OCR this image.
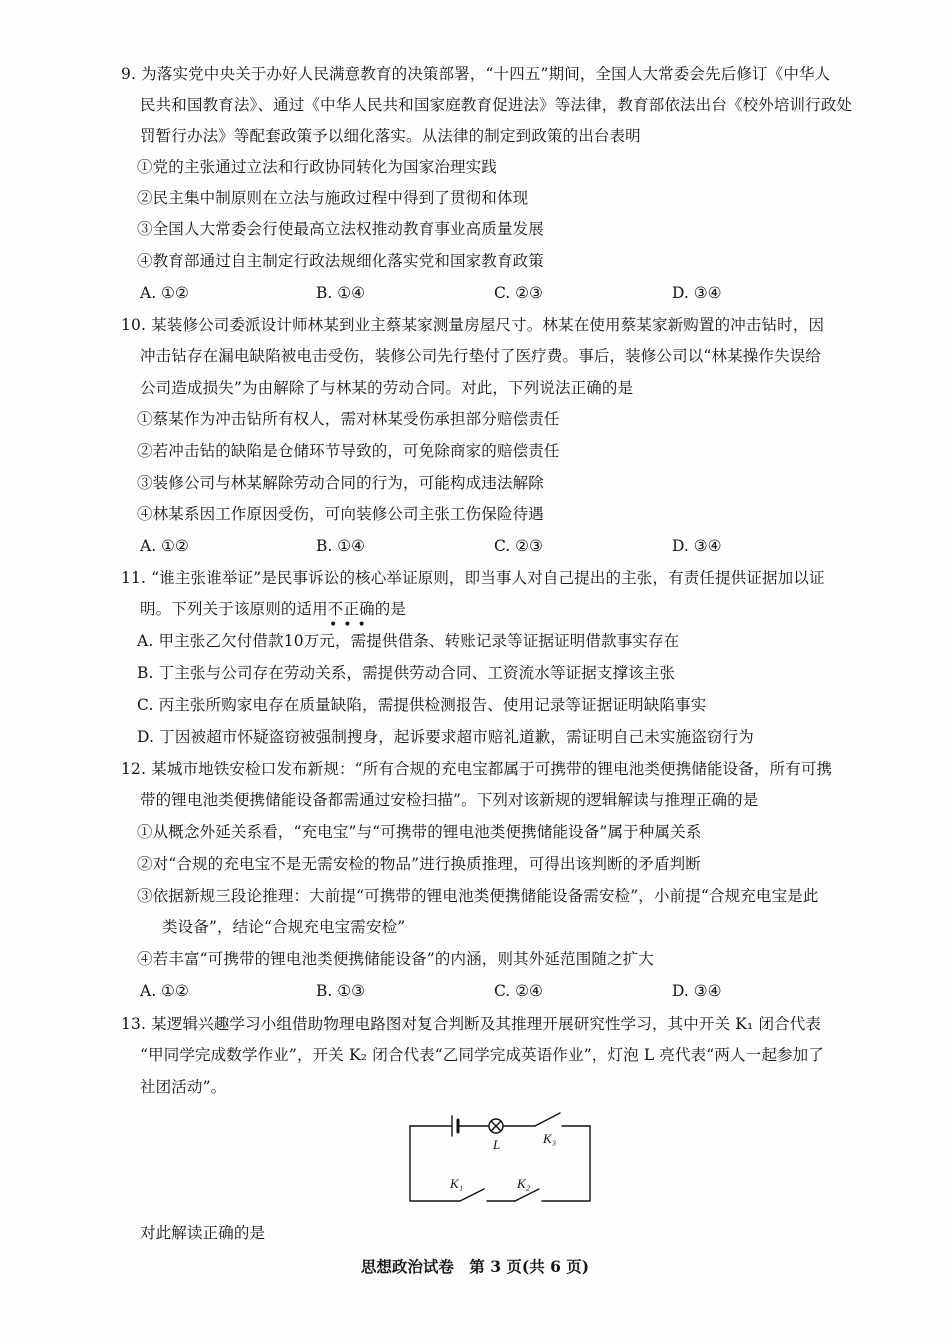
9. 为落实党中央关于办好人民满意教育的决策部署，“十四五”期间，全国人大常委会先后修订《中华人
民共和国教育法》、通过《中华人民共和国家庭教育促进法》等法律，教育部依法出台《校外培训行政处
罚暂行办法》等配套政策予以细化落实。从法律的制定到政策的出台表明
①党的主张通过立法和行政协同转化为国家治理实践
②民主集中制原则在立法与施政过程中得到了贯彻和体现
③全国人大常委会行使最高立法权推动教育事业高质量发展
④教育部通过自主制定行政法规细化落实党和国家教育政策
A. ①②	B. ①④	C. ②③	D. ③④
10. 某装修公司委派设计师林某到业主蔡某家测量房屋尺寸。林某在使用蔡某家新购置的冲击钻时，因
冲击钻存在漏电缺陷被电击受伤，装修公司先行垫付了医疗费。事后，装修公司以“林某操作失误给
公司造成损失”为由解除了与林某的劳动合同。对此，下列说法正确的是
①蔡某作为冲击钻所有权人，需对林某受伤承担部分赔偿责任
②若冲击钻的缺陷是仓储环节导致的，可免除商家的赔偿责任
③装修公司与林某解除劳动合同的行为，可能构成违法解除
④林某系因工作原因受伤，可向装修公司主张工伤保险待遇
A. ①②	B. ①④	C. ②③	D. ③④
11. “谁主张谁举证”是民事诉讼的核心举证原则，即当事人对自己提出的主张，有责任提供证据加以证
明。下列关于该原则的适用不正确的是
•••
A. 甲主张乙欠付借款10万元，需提供借条、转账记录等证据证明借款事实存在
B. 丁主张与公司存在劳动关系，需提供劳动合同、工资流水等证据支撑该主张
C. 丙主张所购家电存在质量缺陷，需提供检测报告、使用记录等证据证明缺陷事实
D. 丁因被超市怀疑盗窃被强制搜身，起诉要求超市赔礼道歉，需证明自己未实施盗窃行为
12. 某城市地铁安检口发布新规：“所有合规的充电宝都属于可携带的锂电池类便携储能设备，所有可携
带的锂电池类便携储能设备都需通过安检扫描”。下列对该新规的逻辑解读与推理正确的是
①从概念外延关系看，“充电宝”与“可携带的锂电池类便携储能设备”属于种属关系
②对“合规的充电宝不是无需安检的物品”进行换质推理，可得出该判断的矛盾判断
③依据新规三段论推理：大前提“可携带的锂电池类便携储能设备需安检”，小前提“合规充电宝是此
类设备”，结论“合规充电宝需安检”
④若丰富“可携带的锂电池类便携储能设备”的内涵，则其外延范围随之扩大
A. ①②	B. ①③	C. ②④	D. ③④
13. 某逻辑兴趣学习小组借助物理电路图对复合判断及其推理开展研究性学习，其中开关 K₁ 闭合代表
“甲同学完成数学作业”，开关 K₂ 闭合代表“乙同学完成英语作业”，灯泡 L 亮代表“两人一起参加了
社团活动”。
L	K₃
K₁	K₂
对此解读正确的是
思想政治试卷 第 3 页(共 6 页)
